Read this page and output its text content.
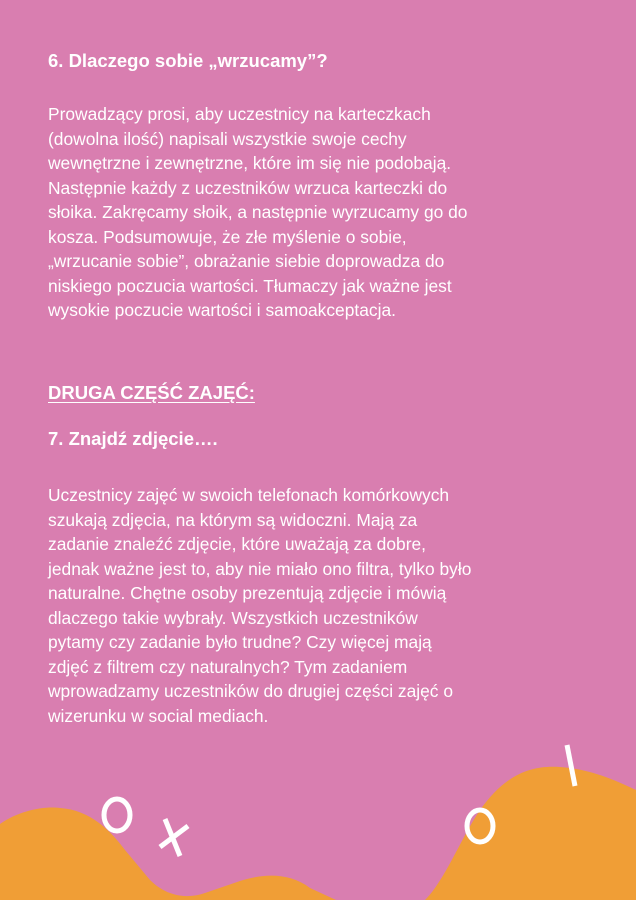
6. Dlaczego sobie „wrzucamy”?
Prowadzący prosi, aby uczestnicy na karteczkach
(dowolna ilość) napisali wszystkie swoje cechy
wewnętrzne i zewnętrzne, które im się nie podobają.
Następnie każdy z uczestników wrzuca karteczki do
słoika. Zakręcamy słoik, a następnie wyrzucamy go do
kosza. Podsumowuje, że złe myślenie o sobie,
„wrzucanie sobie”, obrażanie siebie doprowadza do
niskiego poczucia wartości. Tłumaczy jak ważne jest
wysokie poczucie wartości i samoakceptacja.
DRUGA CZĘŚĆ ZAJĘĆ:
7. Znajdź zdjęcie….
Uczestnicy zajęć w swoich telefonach komórkowych
szukają zdjęcia, na którym są widoczni. Mają za
zadanie znaleźć zdjęcie, które uważają za dobre,
jednak ważne jest to, aby nie miało ono filtra, tylko było
naturalne. Chętne osoby prezentują zdjęcie i mówią
dlaczego takie wybrały. Wszystkich uczestników
pytamy czy zadanie było trudne? Czy więcej mają
zdjęć z filtrem czy naturalnych? Tym zadaniem
wprowadzamy uczestników do drugiej części zajęć o
wizerunku w social mediach.
